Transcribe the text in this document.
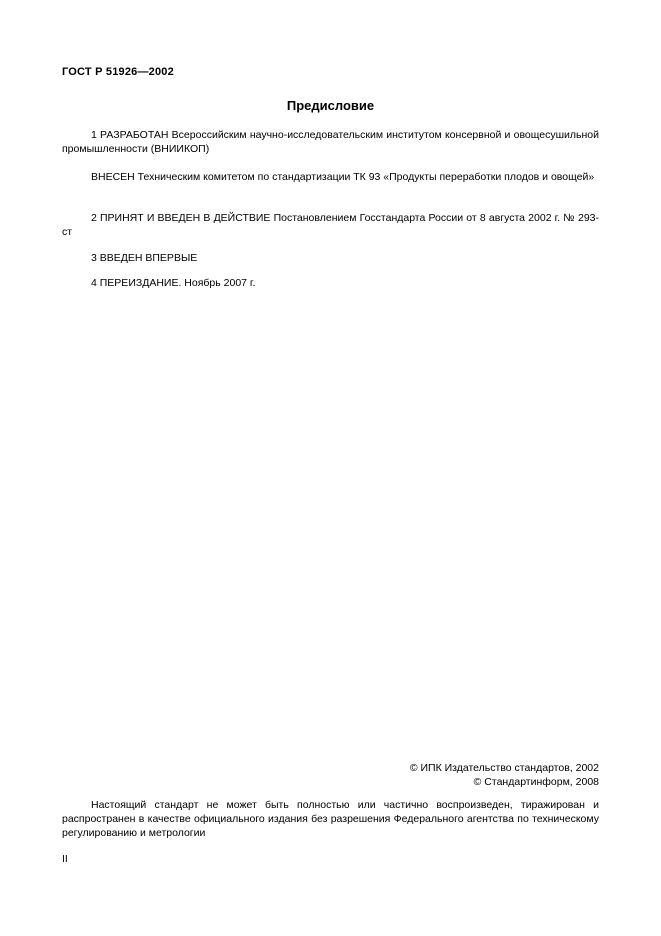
ГОСТ Р 51926—2002
Предисловие
1 РАЗРАБОТАН Всероссийским научно-исследовательским институтом консервной и овощесушильной промышленности (ВНИИКОП)
ВНЕСЕН Техническим комитетом по стандартизации ТК 93 «Продукты переработки плодов и овощей»
2 ПРИНЯТ И ВВЕДЕН В ДЕЙСТВИЕ Постановлением Госстандарта России от 8 августа 2002 г. № 293-ст
3 ВВЕДЕН ВПЕРВЫЕ
4 ПЕРЕИЗДАНИЕ. Ноябрь 2007 г.
© ИПК Издательство стандартов, 2002
© Стандартинформ, 2008
Настоящий стандарт не может быть полностью или частично воспроизведен, тиражирован и распространен в качестве официального издания без разрешения Федерального агентства по техническому регулированию и метрологии
II
